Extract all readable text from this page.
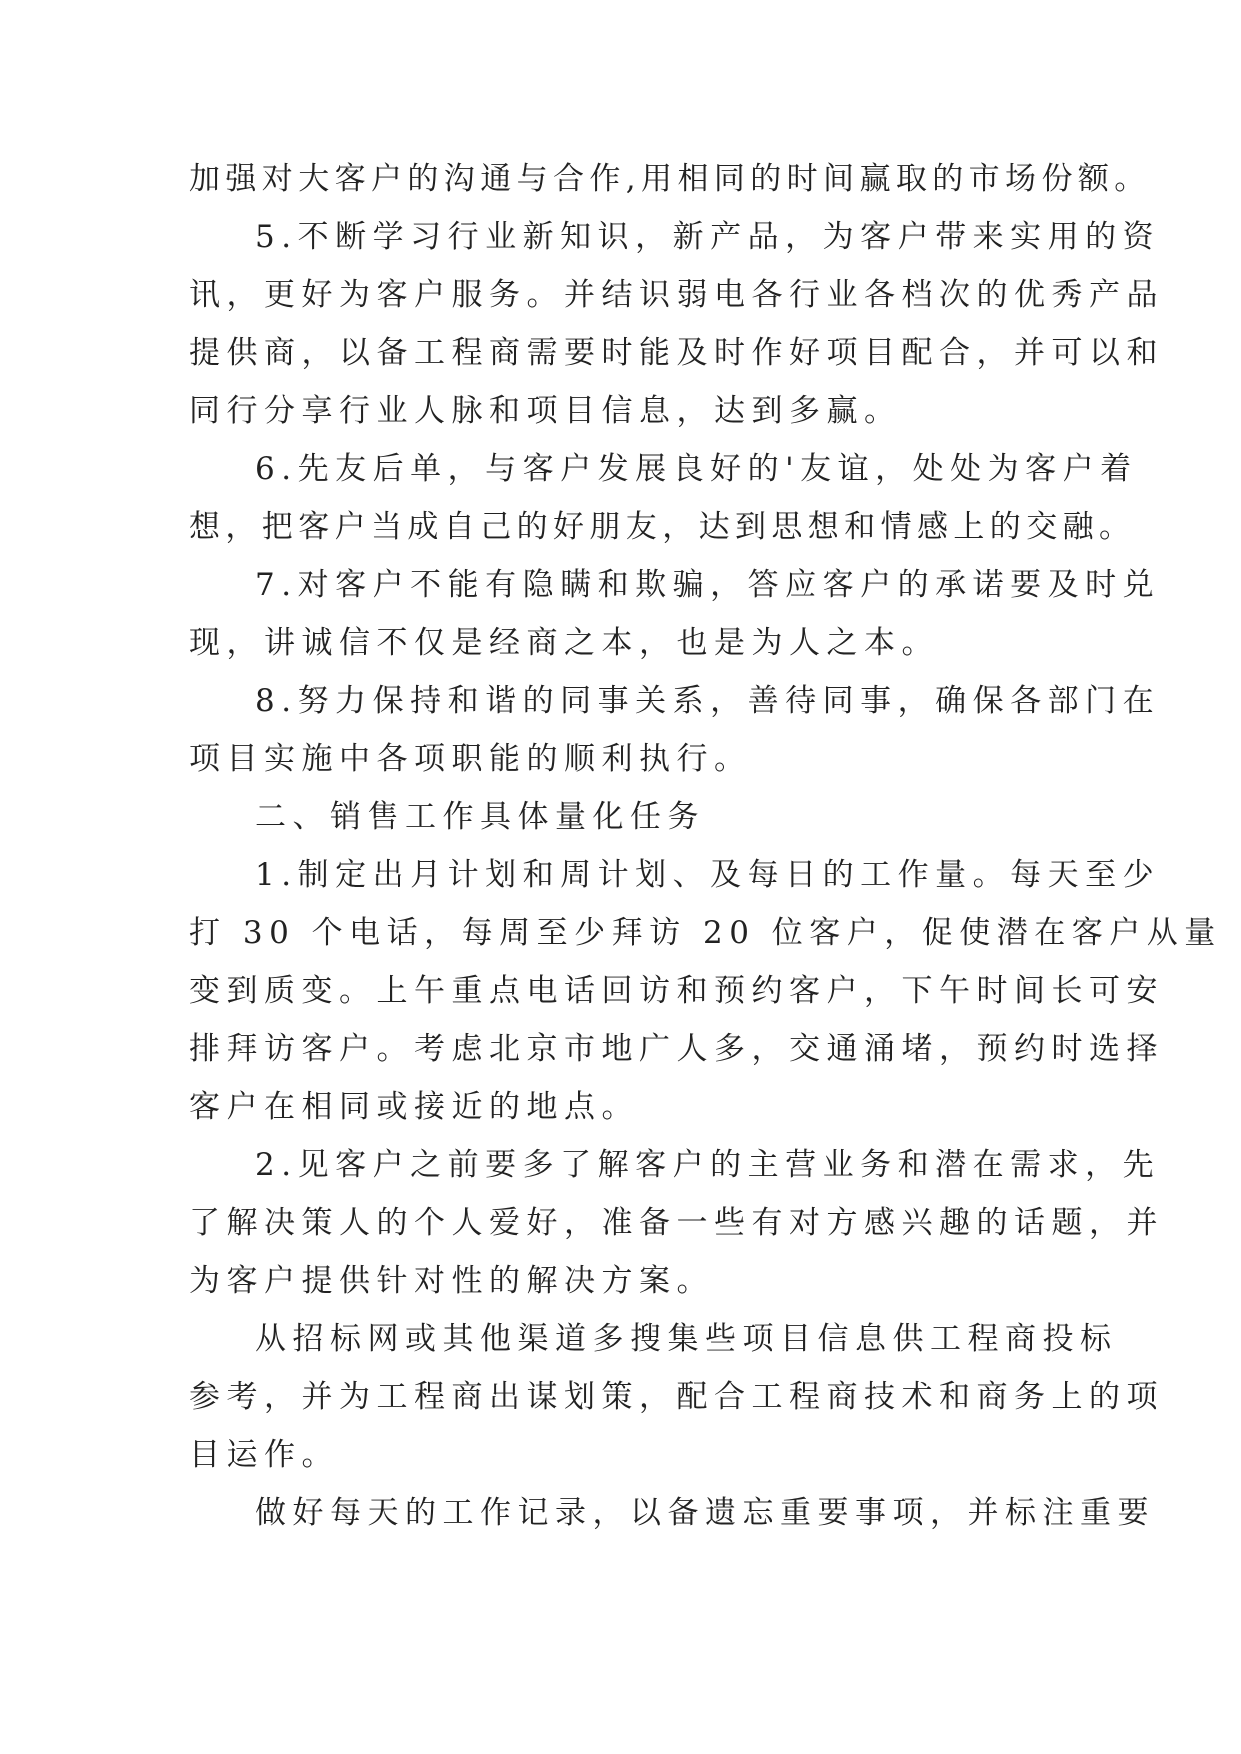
加强对大客户的沟通与合作,用相同的时间赢取的市场份额。
5.不断学习行业新知识，新产品，为客户带来实用的资
讯，更好为客户服务。并结识弱电各行业各档次的优秀产品
提供商，以备工程商需要时能及时作好项目配合，并可以和
同行分享行业人脉和项目信息，达到多赢。
6.先友后单，与客户发展良好的'友谊，处处为客户着
想，把客户当成自己的好朋友，达到思想和情感上的交融。
7.对客户不能有隐瞒和欺骗，答应客户的承诺要及时兑
现，讲诚信不仅是经商之本，也是为人之本。
8.努力保持和谐的同事关系，善待同事，确保各部门在
项目实施中各项职能的顺利执行。
二、销售工作具体量化任务
1.制定出月计划和周计划、及每日的工作量。每天至少
打 30 个电话，每周至少拜访 20 位客户，促使潜在客户从量
变到质变。上午重点电话回访和预约客户，下午时间长可安
排拜访客户。考虑北京市地广人多，交通涌堵，预约时选择
客户在相同或接近的地点。
2.见客户之前要多了解客户的主营业务和潜在需求，先
了解决策人的个人爱好，准备一些有对方感兴趣的话题，并
为客户提供针对性的解决方案。
从招标网或其他渠道多搜集些项目信息供工程商投标
参考，并为工程商出谋划策，配合工程商技术和商务上的项
目运作。
做好每天的工作记录，以备遗忘重要事项，并标注重要
